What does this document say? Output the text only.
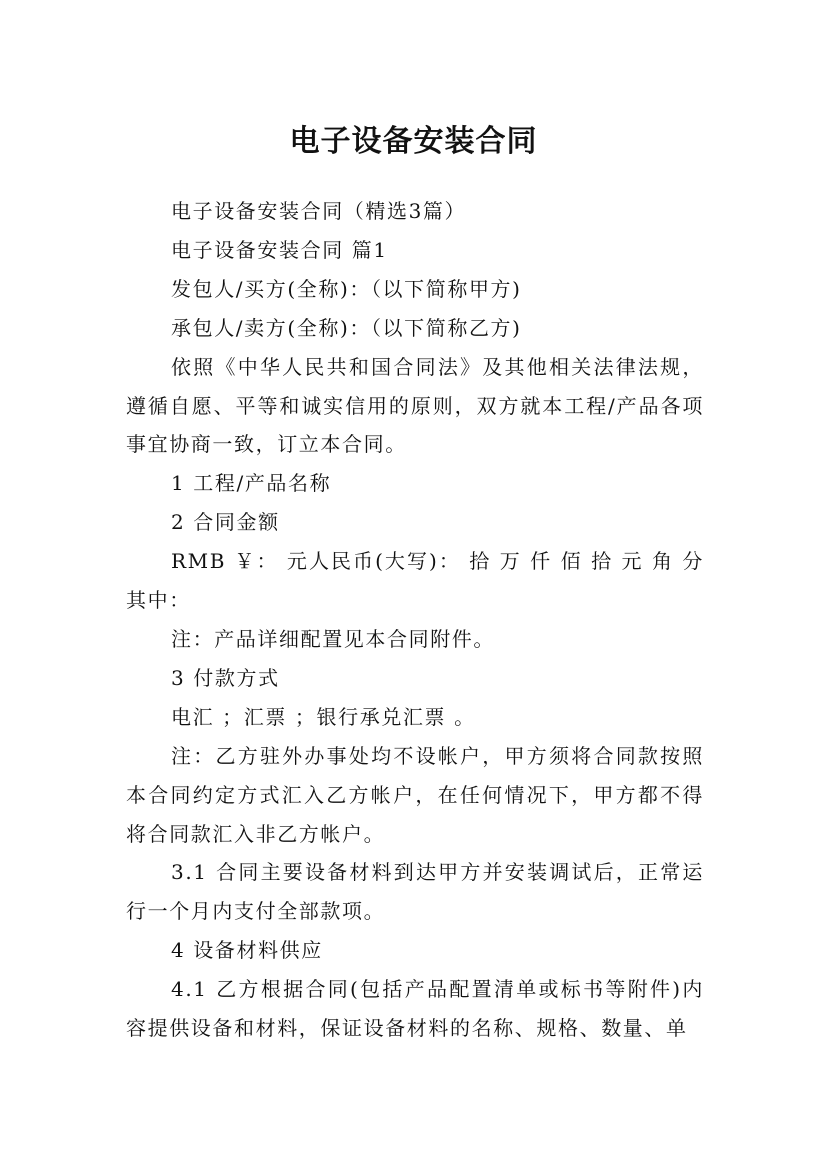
电子设备安装合同

电子设备安装合同（精选3篇）

电子设备安装合同 篇1

发包人/买方(全称)：（以下简称甲方)

承包人/卖方(全称)：（以下简称乙方)

依照《中华人民共和国合同法》及其他相关法律法规，遵循自愿、平等和诚实信用的原则，双方就本工程/产品各项事宜协商一致，订立本合同。

1 工程/产品名称

2 合同金额

RMB ￥： 元人民币(大写)： 拾 万 仟 佰 拾 元 角 分 其中：

注：产品详细配置见本合同附件。

3 付款方式

电汇 ；汇票 ；银行承兑汇票 。

注：乙方驻外办事处均不设帐户，甲方须将合同款按照本合同约定方式汇入乙方帐户，在任何情况下，甲方都不得将合同款汇入非乙方帐户。

3.1 合同主要设备材料到达甲方并安装调试后，正常运行一个月内支付全部款项。

4 设备材料供应

4.1 乙方根据合同(包括产品配置清单或标书等附件)内容提供设备和材料，保证设备材料的名称、规格、数量、单
